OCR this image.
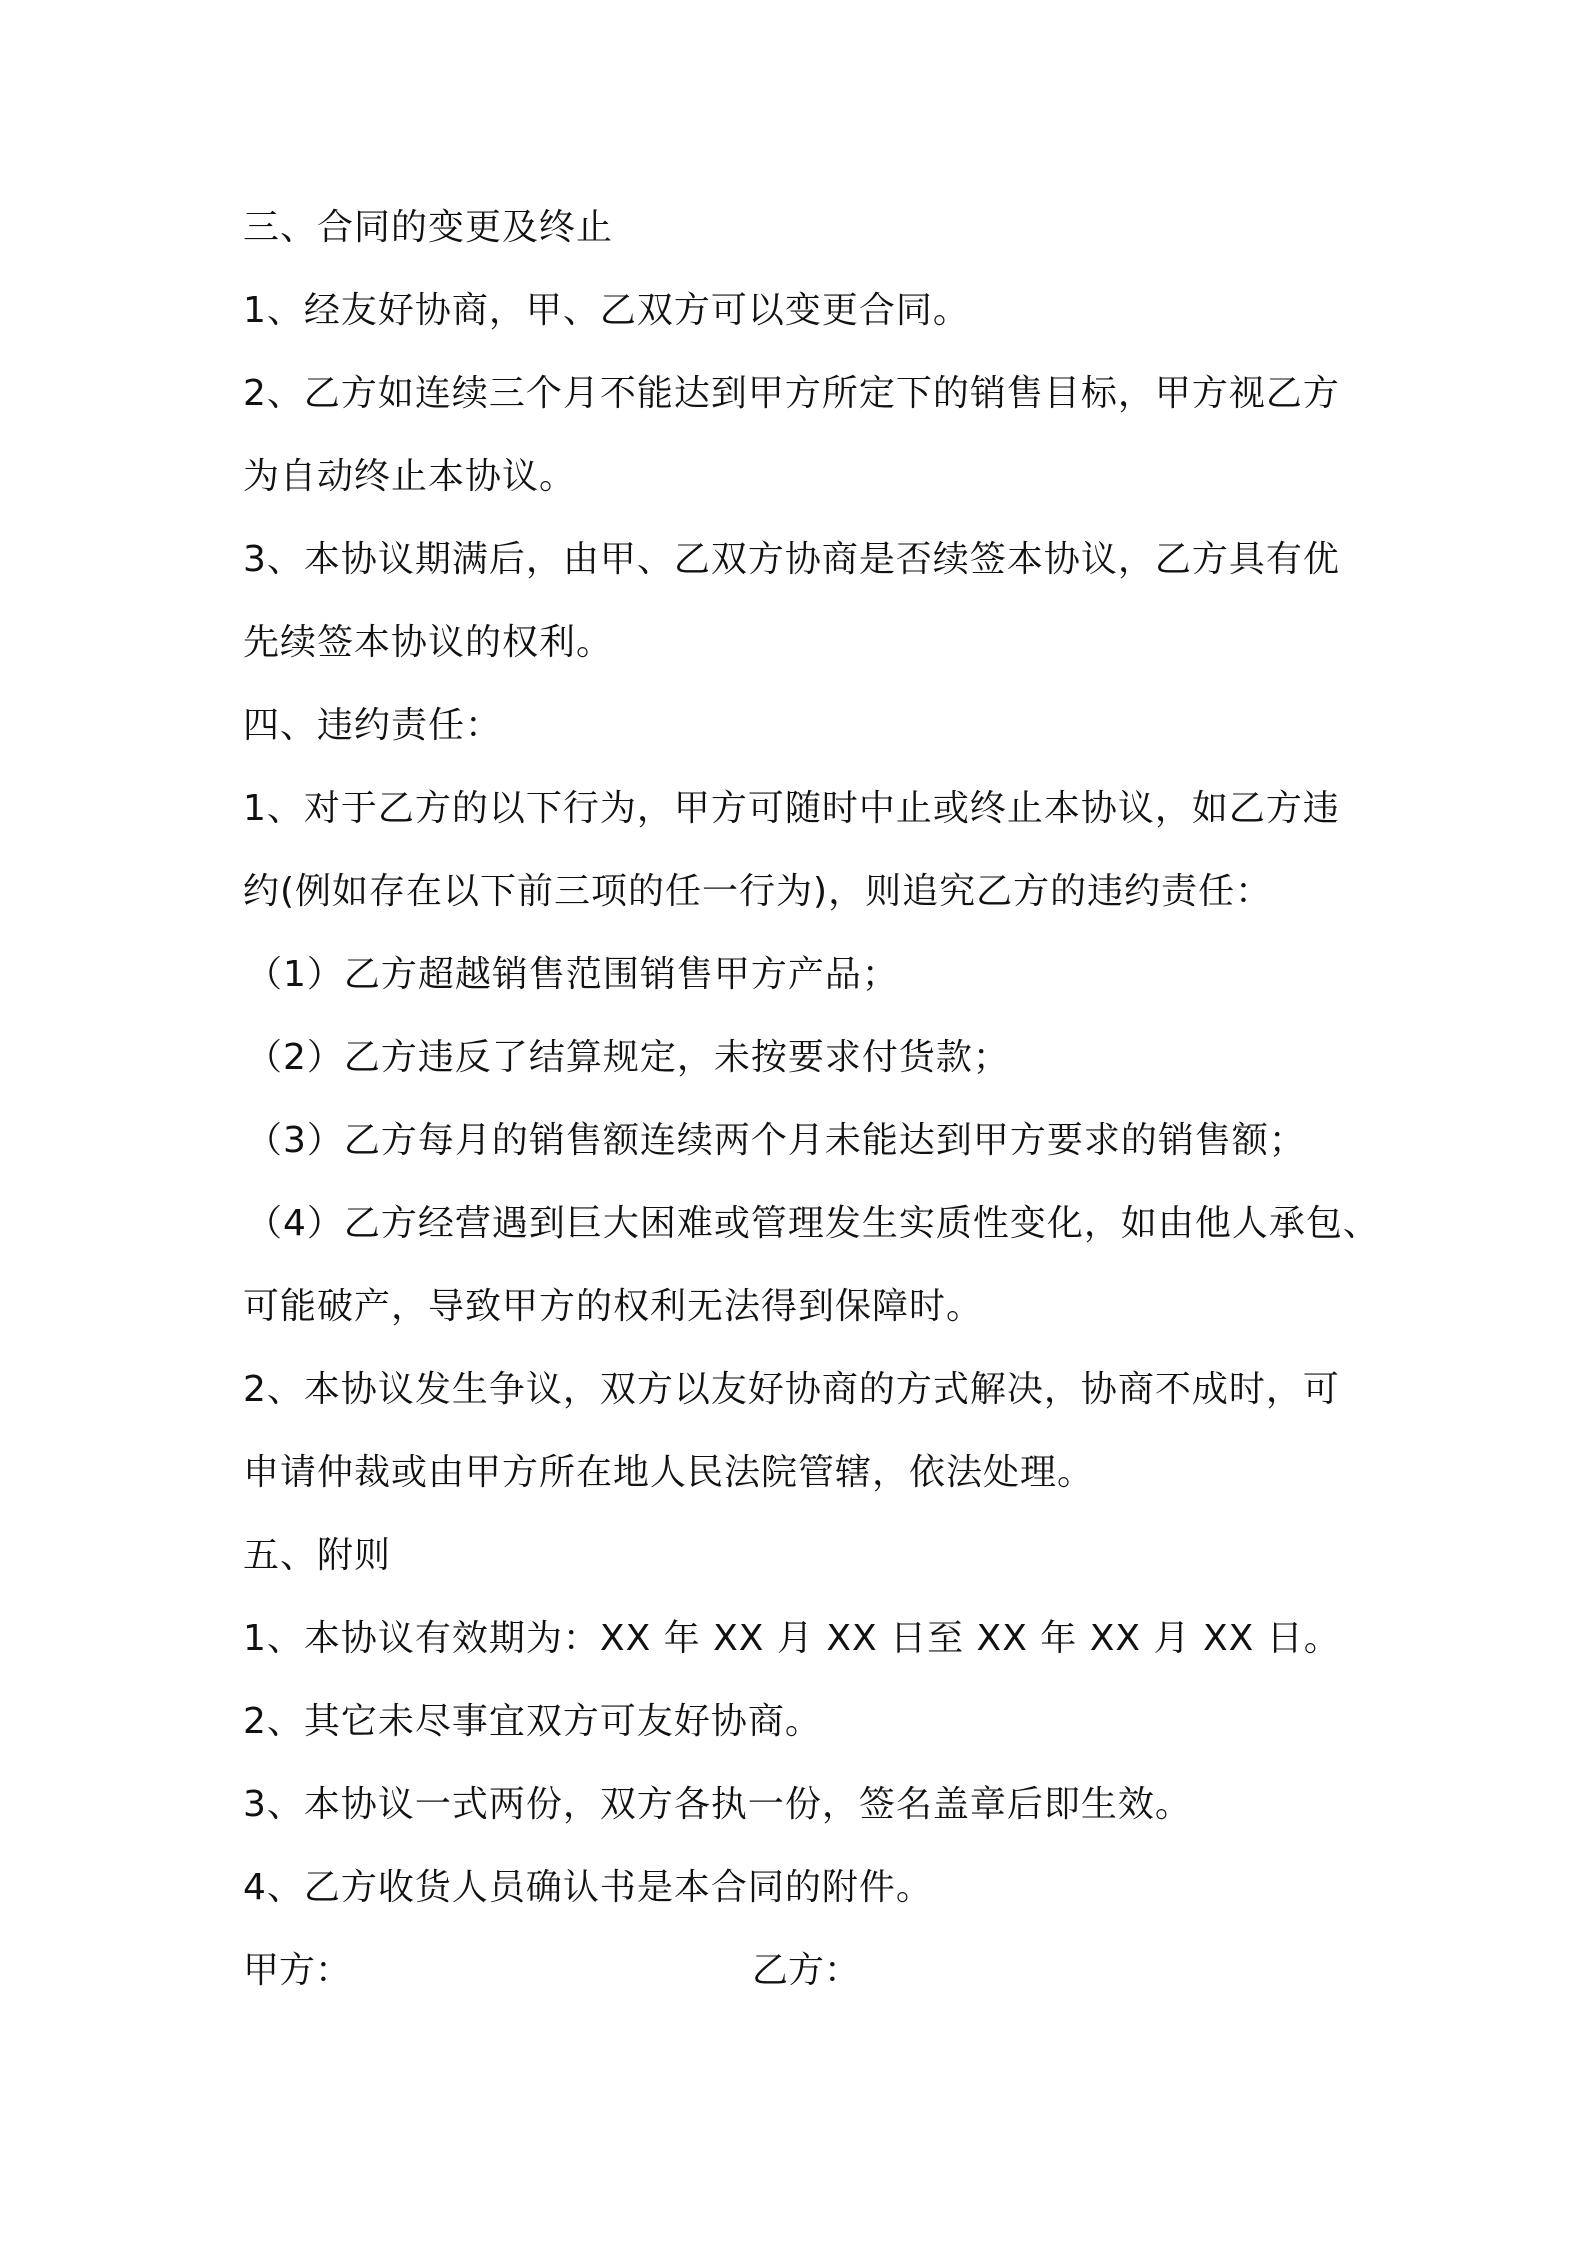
三、合同的变更及终止

1、经友好协商，甲、乙双方可以变更合同。

2、乙方如连续三个月不能达到甲方所定下的销售目标，甲方视乙方

为自动终止本协议。

3、本协议期满后，由甲、乙双方协商是否续签本协议，乙方具有优

先续签本协议的权利。

四、违约责任：

1、对于乙方的以下行为，甲方可随时中止或终止本协议，如乙方违

约(例如存在以下前三项的任一行为)，则追究乙方的违约责任：

（1）乙方超越销售范围销售甲方产品；

（2）乙方违反了结算规定，未按要求付货款；

（3）乙方每月的销售额连续两个月未能达到甲方要求的销售额；

（4）乙方经营遇到巨大困难或管理发生实质性变化，如由他人承包、

可能破产，导致甲方的权利无法得到保障时。

2、本协议发生争议，双方以友好协商的方式解决，协商不成时，可

申请仲裁或由甲方所在地人民法院管辖，依法处理。

五、附则

1、本协议有效期为：XX 年 XX 月 XX 日至 XX 年 XX 月 XX 日。

2、其它未尽事宜双方可友好协商。

3、本协议一式两份，双方各执一份，签名盖章后即生效。

4、乙方收货人员确认书是本合同的附件。

甲方：	乙方：
